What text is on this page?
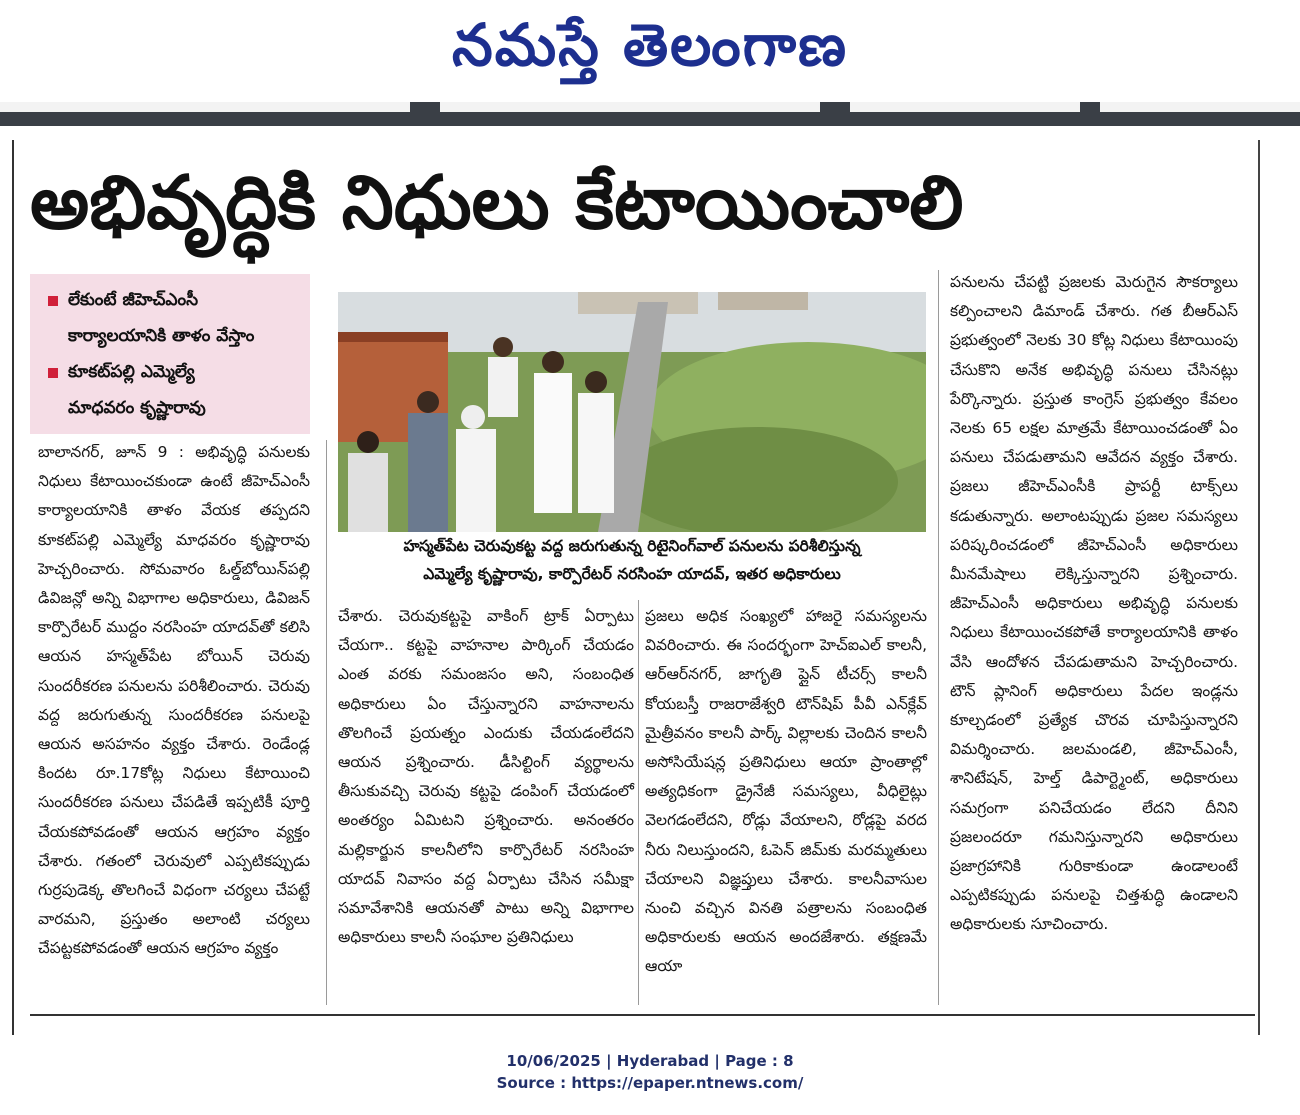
నమస్తే తెలంగాణ
అభివృద్ధికి నిధులు కేటాయించాలి
లేకుంటే జీహెచ్‌ఎంసీ
కార్యాలయానికి తాళం వేస్తాం
కూకట్‌పల్లి ఎమ్మెల్యే
మాధవరం కృష్ణారావు
బాలానగర్, జూన్ 9 : అభివృద్ధి పనులకు నిధులు కేటాయించకుండా ఉంటే జీహెచ్‌ఎంసీ కార్యాలయానికి తాళం వేయక తప్పదని కూకట్‌పల్లి ఎమ్మెల్యే మాధవరం కృష్ణారావు హెచ్చరించారు. సోమవారం ఓల్డ్‌బోయిన్‌పల్లి డివిజన్లో అన్ని విభాగాల అధికారులు, డివిజన్ కార్పొరేటర్ ముద్దం నరసింహ యాదవ్‌తో కలిసి ఆయన హస్మత్‌పేట బోయిన్ చెరువు సుందరీకరణ పనులను పరిశీలించారు. చెరువు వద్ద జరుగుతున్న సుందరీకరణ పనులపై ఆయన అసహనం వ్యక్తం చేశారు. రెండేండ్ల కిందట రూ.17కోట్ల నిధులు కేటాయించి సుందరీకరణ పనులు చేపడితే ఇప్పటికీ పూర్తి చేయకపోవడంతో ఆయన ఆగ్రహం వ్యక్తం చేశారు. గతంలో చెరువులో ఎప్పటికప్పుడు గుర్రపుడెక్క తొలగించే విధంగా చర్యలు చేపట్టే వారమని, ప్రస్తుతం అలాంటి చర్యలు చేపట్టకపోవడంతో ఆయన ఆగ్రహం వ్యక్తం
హస్మత్‌పేట చెరువుకట్ట వద్ద జరుగుతున్న రిటైనింగ్‌వాల్ పనులను పరిశీలిస్తున్న
ఎమ్మెల్యే కృష్ణారావు, కార్పొరేటర్ నరసింహ యాదవ్, ఇతర అధికారులు
చేశారు. చెరువుకట్టపై వాకింగ్ ట్రాక్ ఏర్పాటు చేయగా.. కట్టపై వాహనాల పార్కింగ్ చేయడం ఎంత వరకు సమంజసం అని, సంబంధిత అధికారులు ఏం చేస్తున్నారని వాహనాలను తొలగించే ప్రయత్నం ఎందుకు చేయడంలేదని ఆయన ప్రశ్నించారు. డీసిల్టింగ్ వ్యర్థాలను తీసుకువచ్చి చెరువు కట్టపై డంపింగ్ చేయడంలో అంతర్యం ఏమిటని ప్రశ్నించారు. అనంతరం మల్లికార్జున కాలనీలోని కార్పొరేటర్ నరసింహ యాదవ్ నివాసం వద్ద ఏర్పాటు చేసిన సమీక్షా సమావేశానికి ఆయనతో పాటు అన్ని విభాగాల అధికారులు కాలనీ సంఘాల ప్రతినిధులు
ప్రజలు అధిక సంఖ్యలో హాజరై సమస్యలను వివరించారు. ఈ సందర్భంగా హెచ్ఐఎల్ కాలనీ, ఆర్ఆర్‌నగర్, జాగృతి ప్లైన్ టీచర్స్ కాలనీ కోయబస్తీ రాజరాజేశ్వరి టౌన్‌షిప్ పీవీ ఎన్‌క్లేవ్ మైత్రీవనం కాలనీ పార్క్ విల్లాలకు చెందిన కాలనీ అసోసియేషన్ల ప్రతినిధులు ఆయా ప్రాంతాల్లో అత్యధికంగా డ్రైనేజీ సమస్యలు, వీధిలైట్లు వెలగడంలేదని, రోడ్లు వేయాలని, రోడ్లపై వరద నీరు నిలుస్తుందని, ఓపెన్ జిమ్‌కు మరమ్మతులు చేయాలని విజ్ఞప్తులు చేశారు. కాలనీవాసుల నుంచి వచ్చిన వినతి పత్రాలను సంబంధిత అధికారులకు ఆయన అందజేశారు. తక్షణమే ఆయా
పనులను చేపట్టి ప్రజలకు మెరుగైన సౌకర్యాలు కల్పించాలని డిమాండ్ చేశారు. గత బీఆర్‌ఎస్ ప్రభుత్వంలో నెలకు 30 కోట్ల నిధులు కేటాయింపు చేసుకొని అనేక అభివృద్ధి పనులు చేసినట్లు పేర్కొన్నారు. ప్రస్తుత కాంగ్రెస్ ప్రభుత్వం కేవలం నెలకు 65 లక్షల మాత్రమే కేటాయించడంతో ఏం పనులు చేపడుతామని ఆవేదన వ్యక్తం చేశారు. ప్రజలు జీహెచ్‌ఎంసీకి ప్రాపర్టీ టాక్స్‌లు కడుతున్నారు. అలాంటప్పుడు ప్రజల సమస్యలు పరిష్కరించడంలో జీహెచ్‌ఎంసీ అధికారులు మీనమేషాలు లెక్కిస్తున్నారని ప్రశ్నించారు. జీహెచ్‌ఎంసీ అధికారులు అభివృద్ధి పనులకు నిధులు కేటాయించకపోతే కార్యాలయానికి తాళం వేసి ఆందోళన చేపడుతామని హెచ్చరించారు. టౌన్ ప్లానింగ్ అధికారులు పేదల ఇండ్లను కూల్చడంలో ప్రత్యేక చొరవ చూపిస్తున్నారని విమర్శించారు. జలమండలి, జీహెచ్‌ఎంసీ, శానిటేషన్, హెల్త్ డిపార్ట్మెంట్, అధికారులు సమగ్రంగా పనిచేయడం లేదని దీనిని ప్రజలందరూ గమనిస్తున్నారని అధికారులు ప్రజాగ్రహానికి గురికాకుండా ఉండాలంటే ఎప్పటికప్పుడు పనులపై చిత్తశుద్ధి ఉండాలని అధికారులకు సూచించారు.
10/06/2025 | Hyderabad | Page : 8
Source : https://epaper.ntnews.com/
